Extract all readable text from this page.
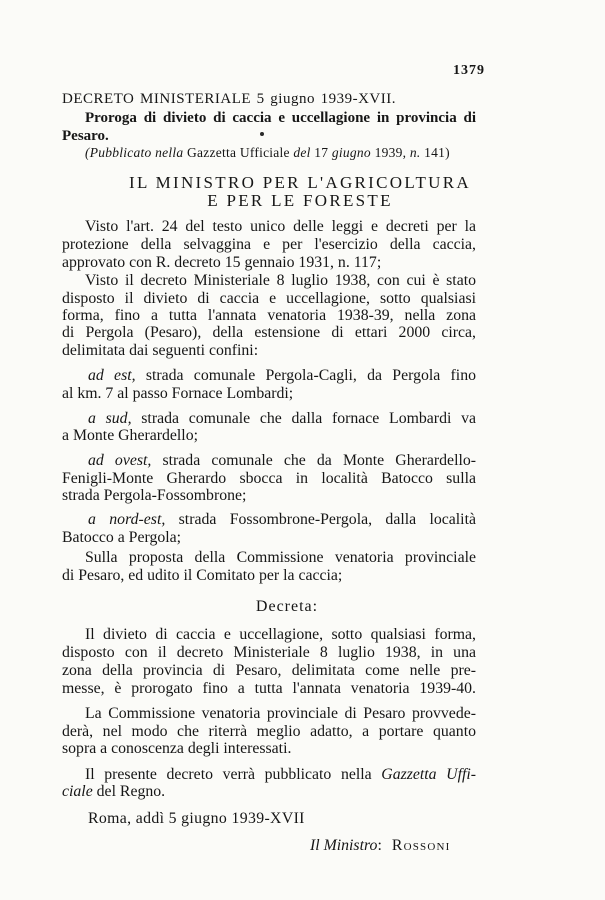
1379
DECRETO MINISTERIALE 5 giugno 1939-XVII.
Proroga di divieto di caccia e uccellagione in provincia di
Pesaro.
(Pubblicato nella Gazzetta Ufficiale del 17 giugno 1939, n. 141)
IL MINISTRO PER L'AGRICOLTURA
E PER LE FORESTE
Visto l'art. 24 del testo unico delle leggi e decreti per la
protezione della selvaggina e per l'esercizio della caccia,
approvato con R. decreto 15 gennaio 1931, n. 117;
Visto il decreto Ministeriale 8 luglio 1938, con cui è stato
disposto il divieto di caccia e uccellagione, sotto qualsiasi
forma, fino a tutta l'annata venatoria 1938-39, nella zona
di Pergola (Pesaro), della estensione di ettari 2000 circa,
delimitata dai seguenti confini:
ad est, strada comunale Pergola-Cagli, da Pergola fino
al km. 7 al passo Fornace Lombardi;
a sud, strada comunale che dalla fornace Lombardi va
a Monte Gherardello;
ad ovest, strada comunale che da Monte Gherardello-
Fenigli-Monte Gherardo sbocca in località Batocco sulla
strada Pergola-Fossombrone;
a nord-est, strada Fossombrone-Pergola, dalla località
Batocco a Pergola;
Sulla proposta della Commissione venatoria provinciale
di Pesaro, ed udito il Comitato per la caccia;
Decreta:
Il divieto di caccia e uccellagione, sotto qualsiasi forma,
disposto con il decreto Ministeriale 8 luglio 1938, in una
zona della provincia di Pesaro, delimitata come nelle pre-
messe, è prorogato fino a tutta l'annata venatoria 1939-40.
La Commissione venatoria provinciale di Pesaro provvede-
derà, nel modo che riterrà meglio adatto, a portare quanto
sopra a conoscenza degli interessati.
Il presente decreto verrà pubblicato nella Gazzetta Uffi-
ciale del Regno.
Roma, addì 5 giugno 1939-XVII
Il Ministro: Rossoni
